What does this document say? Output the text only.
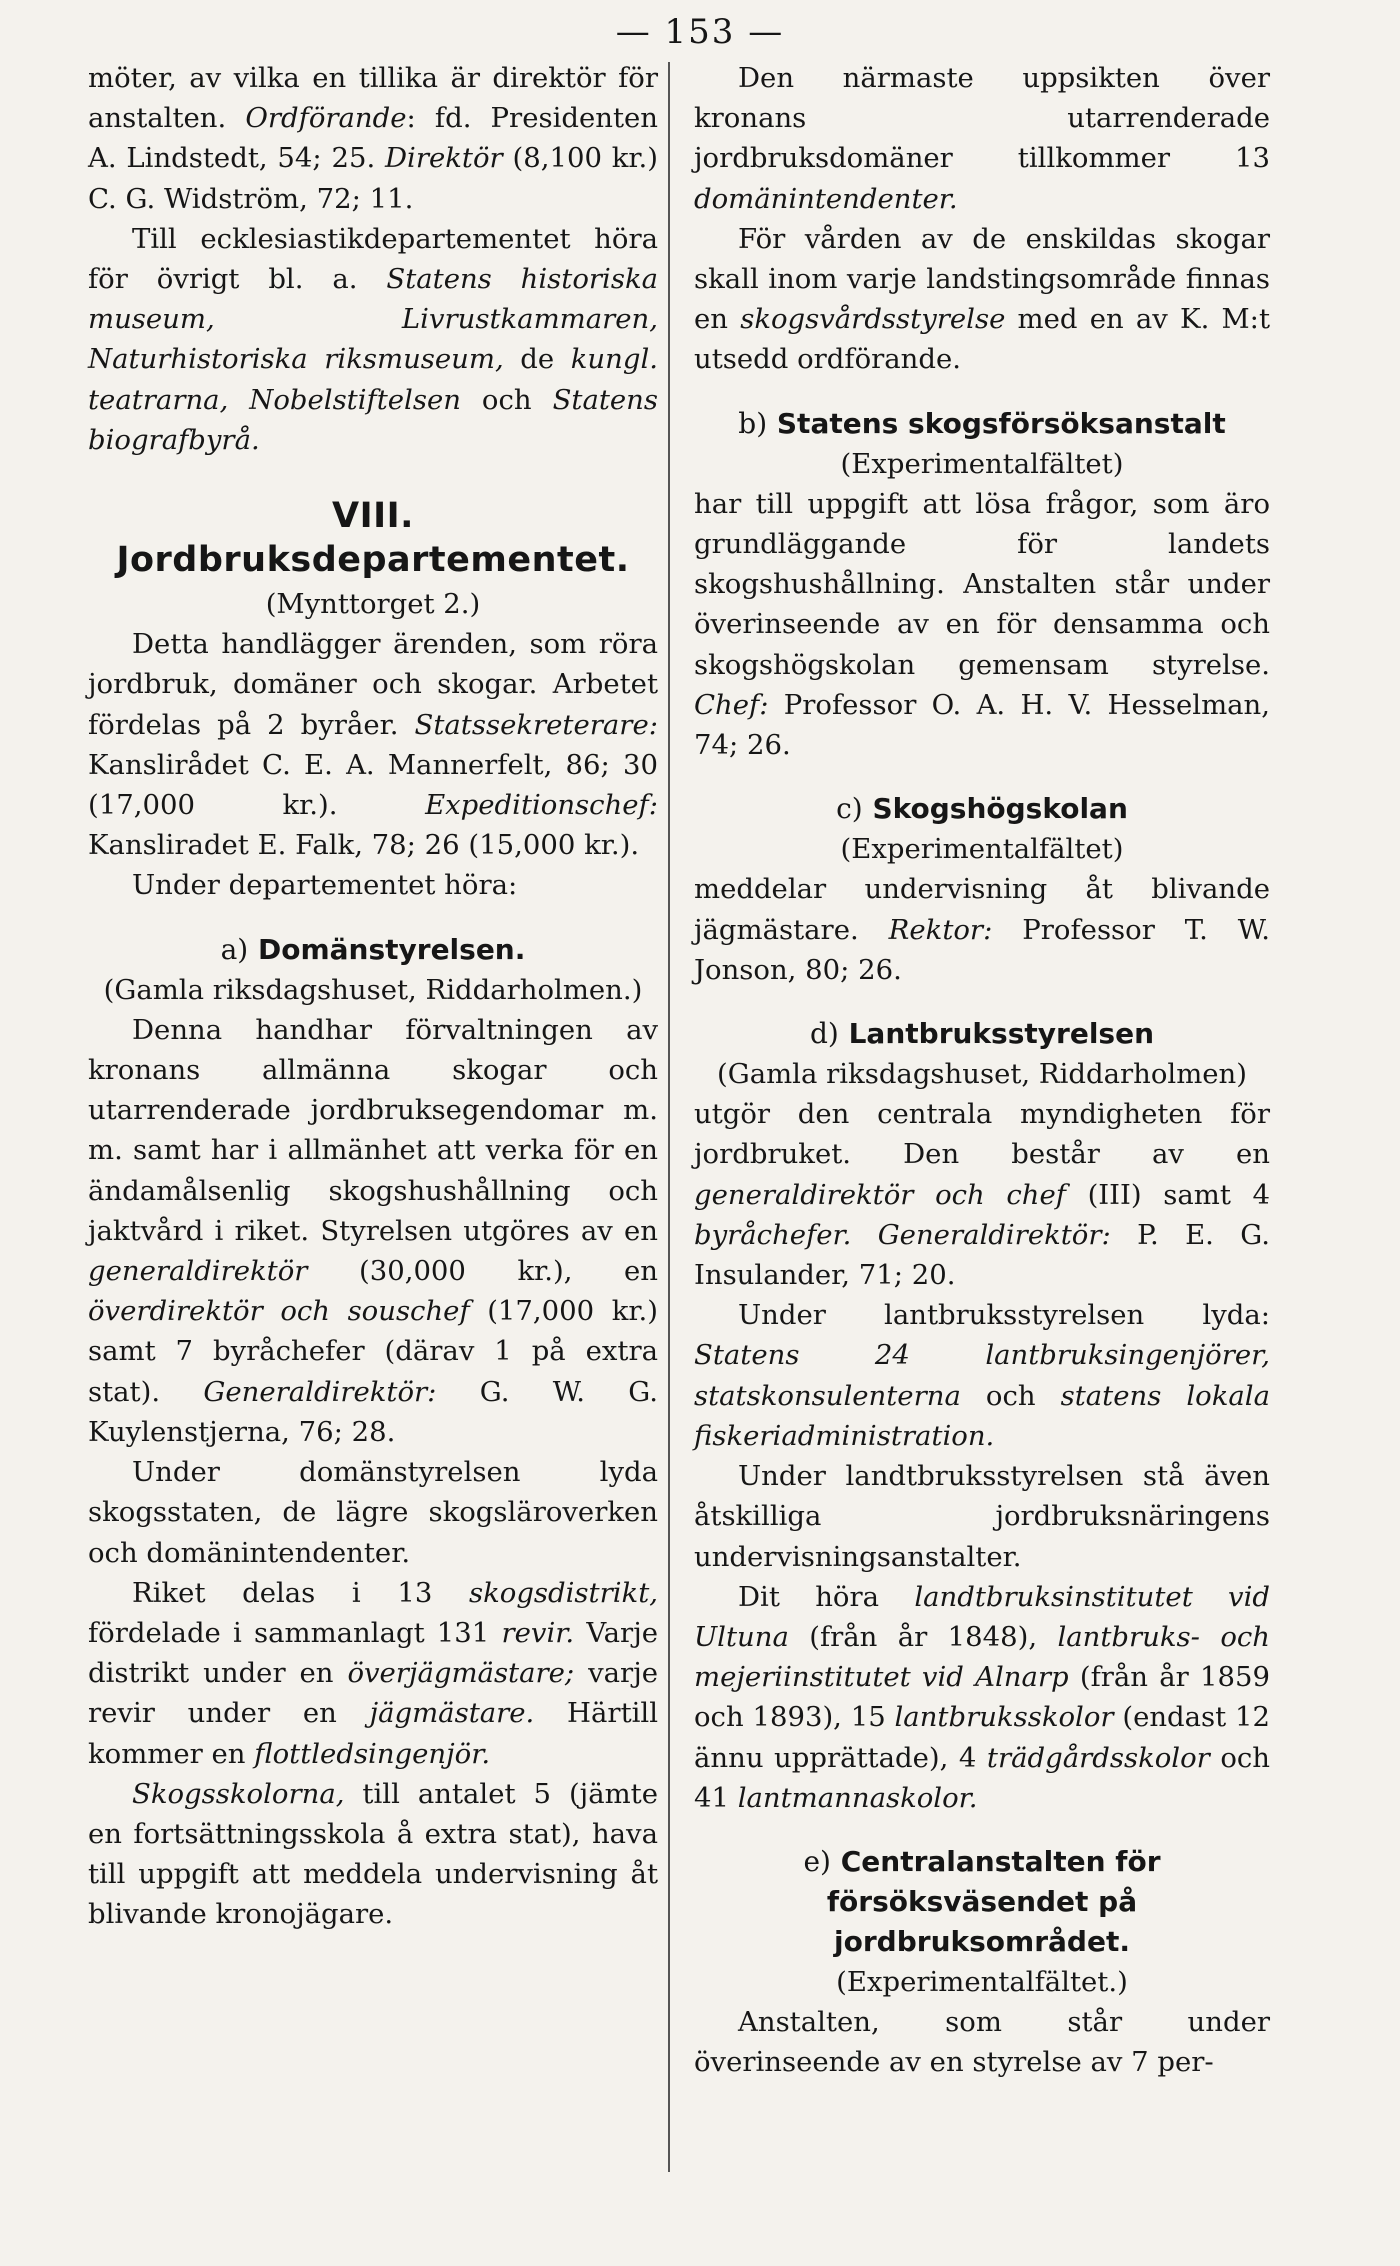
— 153 —

möter, av vilka en tillika är direktör för anstalten. Ordförande: fd. Presidenten A. Lindstedt, 54; 25. Direktör (8,100 kr.) C. G. Widström, 72; 11.

Till ecklesiastikdepartementet höra för övrigt bl. a. Statens historiska museum, Livrustkammaren, Naturhistoriska riksmuseum, de kungl. teatrarna, Nobelstiftelsen och Statens biografbyrå.

VIII. Jordbruksdepartementet.

(Mynttorget 2.)

Detta handlägger ärenden, som röra jordbruk, domäner och skogar. Arbetet fördelas på 2 byråer. Statssekreterare: Kanslirådet C. E. A. Mannerfelt, 86; 30 (17,000 kr.). Expeditionschef: Kansliradet E. Falk, 78; 26 (15,000 kr.).

Under departementet höra:

a) Domänstyrelsen.

(Gamla riksdagshuset, Riddarholmen.)

Denna handhar förvaltningen av kronans allmänna skogar och utarrenderade jordbruksegendomar m. m. samt har i allmänhet att verka för en ändamålsenlig skogshushållning och jaktvård i riket. Styrelsen utgöres av en generaldirektör (30,000 kr.), en överdirektör och souschef (17,000 kr.) samt 7 byråchefer (därav 1 på extra stat). Generaldirektör: G. W. G. Kuylenstjerna, 76; 28.

Under domänstyrelsen lyda skogsstaten, de lägre skogsläroverken och domänintendenter.

Riket delas i 13 skogsdistrikt, fördelade i sammanlagt 131 revir. Varje distrikt under en överjägmästare; varje revir under en jägmästare. Härtill kommer en flottledsingenjör.

Skogsskolorna, till antalet 5 (jämte en fortsättningsskola å extra stat), hava till uppgift att meddela undervisning åt blivande kronojägare.

Den närmaste uppsikten över kronans utarrenderade jordbruksdomäner tillkommer 13 domänintendenter.

För vården av de enskildas skogar skall inom varje landstingsområde finnas en skogsvårdsstyrelse med en av K. M:t utsedd ordförande.

b) Statens skogsförsöksanstalt

(Experimentalfältet)

har till uppgift att lösa frågor, som äro grundläggande för landets skogshushållning. Anstalten står under överinseende av en för densamma och skogshögskolan gemensam styrelse. Chef: Professor O. A. H. V. Hesselman, 74; 26.

c) Skogshögskolan

(Experimentalfältet)

meddelar undervisning åt blivande jägmästare. Rektor: Professor T. W. Jonson, 80; 26.

d) Lantbruksstyrelsen

(Gamla riksdagshuset, Riddarholmen)

utgör den centrala myndigheten för jordbruket. Den består av en generaldirektör och chef (III) samt 4 byråchefer. Generaldirektör: P. E. G. Insulander, 71; 20.

Under lantbruksstyrelsen lyda: Statens 24 lantbruksingenjörer, statskonsulenterna och statens lokala fiskeriadministration.

Under landtbruksstyrelsen stå även åtskilliga jordbruksnäringens undervisningsanstalter.

Dit höra landtbruksinstitutet vid Ultuna (från år 1848), lantbruks- och mejeriinstitutet vid Alnarp (från år 1859 och 1893), 15 lantbruksskolor (endast 12 ännu upprättade), 4 trädgårdsskolor och 41 lantmannaskolor.

e) Centralanstalten för försöksväsendet på jordbruksområdet.

(Experimentalfältet.)

Anstalten, som står under överinseende av en styrelse av 7 per-
